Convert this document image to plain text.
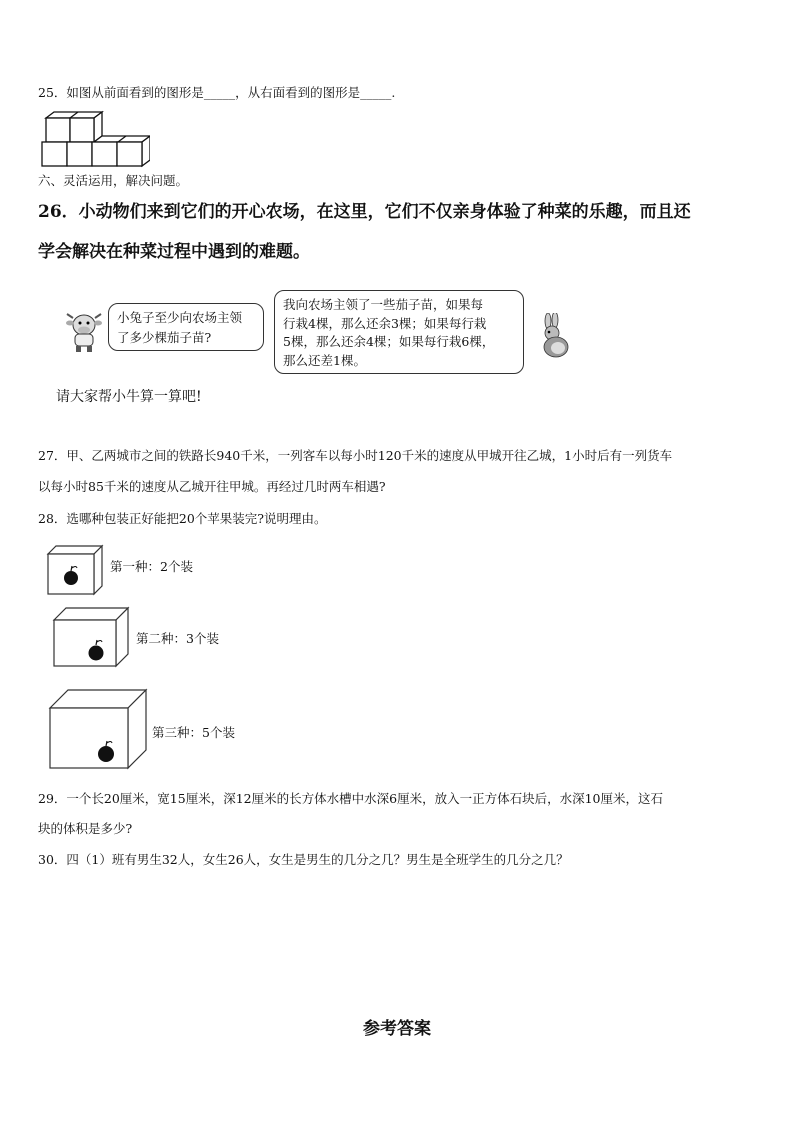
25．如图从前面看到的图形是_____，从右面看到的图形是_____.
六、灵活运用，解决问题。
26．小动物们来到它们的开心农场，在这里，它们不仅亲身体验了种菜的乐趣，而且还
学会解决在种菜过程中遇到的难题。
小兔子至少向农场主领
了多少棵茄子苗?
我向农场主领了一些茄子苗，如果每
行栽4棵，那么还余3棵；如果每行栽
5棵，那么还余4棵；如果每行栽6棵，
那么还差1棵。
请大家帮小牛算一算吧!
27．甲、乙两城市之间的铁路长940千米，一列客车以每小时120千米的速度从甲城开往乙城，1小时后有一列货车
以每小时85千米的速度从乙城开往甲城。再经过几时两车相遇?
28．选哪种包装正好能把20个苹果装完?说明理由。
第一种：2个装
第二种：3个装
第三种：5个装
29．一个长20厘米，宽15厘米，深12厘米的长方体水槽中水深6厘米，放入一正方体石块后，水深10厘米，这石
块的体积是多少?
30．四（1）班有男生32人，女生26人，女生是男生的几分之几？男生是全班学生的几分之几？
参考答案
